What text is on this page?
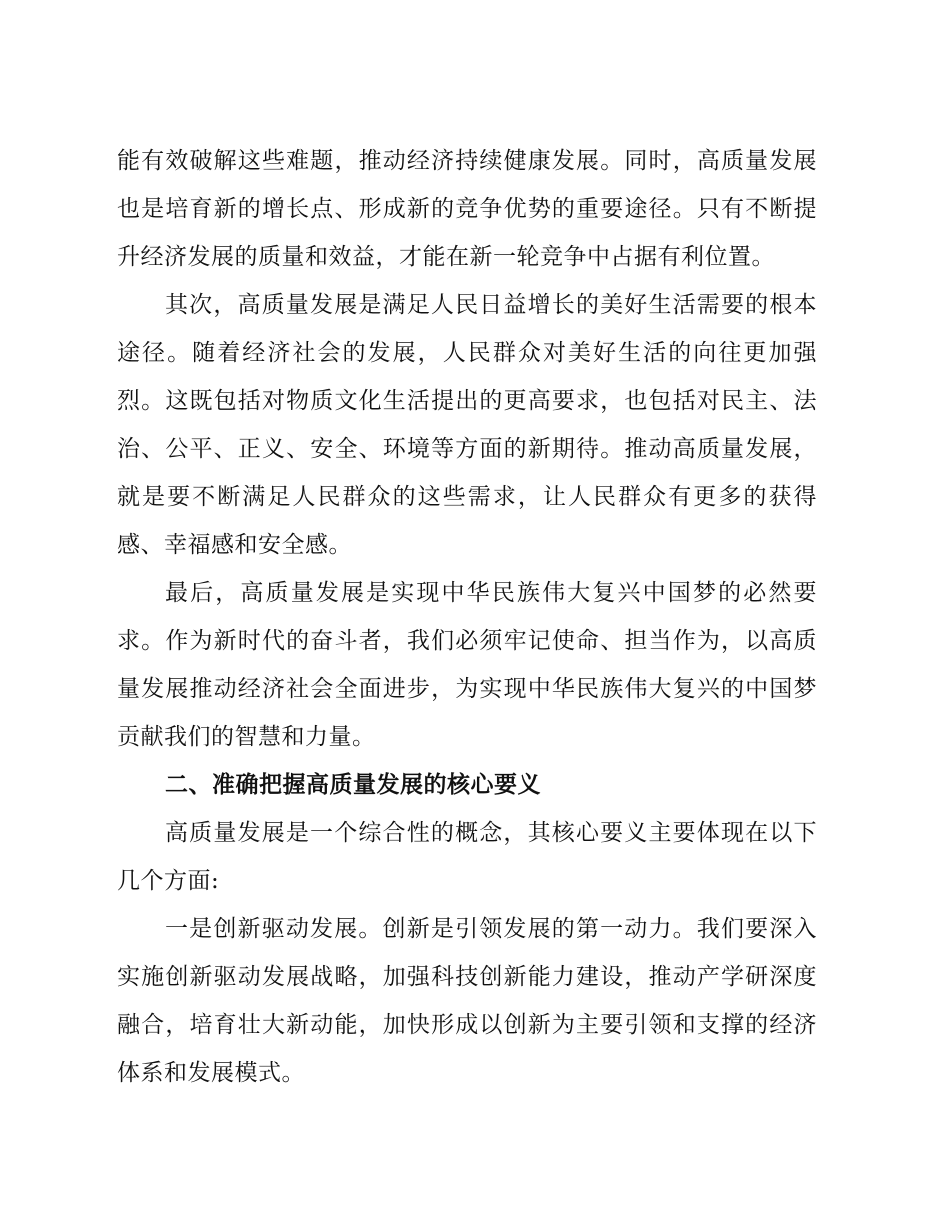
能有效破解这些难题，推动经济持续健康发展。同时，高质量发展也是培育新的增长点、形成新的竞争优势的重要途径。只有不断提升经济发展的质量和效益，才能在新一轮竞争中占据有利位置。

其次，高质量发展是满足人民日益增长的美好生活需要的根本途径。随着经济社会的发展，人民群众对美好生活的向往更加强烈。这既包括对物质文化生活提出的更高要求，也包括对民主、法治、公平、正义、安全、环境等方面的新期待。推动高质量发展，就是要不断满足人民群众的这些需求，让人民群众有更多的获得感、幸福感和安全感。

最后，高质量发展是实现中华民族伟大复兴中国梦的必然要求。作为新时代的奋斗者，我们必须牢记使命、担当作为，以高质量发展推动经济社会全面进步，为实现中华民族伟大复兴的中国梦贡献我们的智慧和力量。

二、准确把握高质量发展的核心要义

高质量发展是一个综合性的概念，其核心要义主要体现在以下几个方面:

一是创新驱动发展。创新是引领发展的第一动力。我们要深入实施创新驱动发展战略，加强科技创新能力建设，推动产学研深度融合，培育壮大新动能，加快形成以创新为主要引领和支撑的经济体系和发展模式。
